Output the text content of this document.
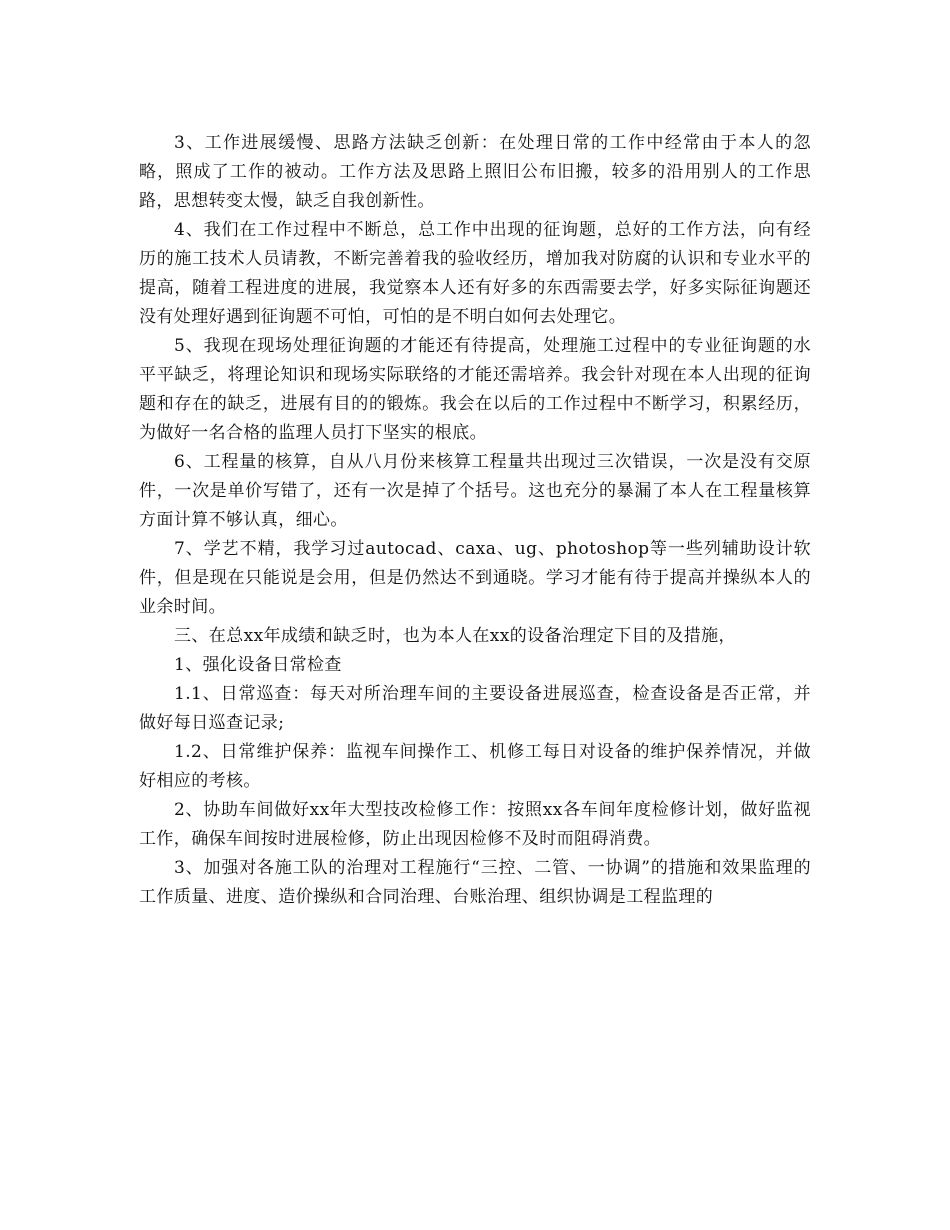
3、工作进展缓慢、思路方法缺乏创新：在处理日常的工作中经常由于本人的忽略，照成了工作的被动。工作方法及思路上照旧公布旧搬，较多的沿用别人的工作思路，思想转变太慢，缺乏自我创新性。

4、我们在工作过程中不断总，总工作中出现的征询题，总好的工作方法，向有经历的施工技术人员请教，不断完善着我的验收经历，增加我对防腐的认识和专业水平的提高，随着工程进度的进展，我觉察本人还有好多的东西需要去学，好多实际征询题还没有处理好遇到征询题不可怕，可怕的是不明白如何去处理它。

5、我现在现场处理征询题的才能还有待提高，处理施工过程中的专业征询题的水平平缺乏，将理论知识和现场实际联络的才能还需培养。我会针对现在本人出现的征询题和存在的缺乏，进展有目的的锻炼。我会在以后的工作过程中不断学习，积累经历，为做好一名合格的监理人员打下坚实的根底。

6、工程量的核算，自从八月份来核算工程量共出现过三次错误，一次是没有交原件，一次是单价写错了，还有一次是掉了个括号。这也充分的暴漏了本人在工程量核算方面计算不够认真，细心。

7、学艺不精，我学习过autocad、caxa、ug、photoshop等一些列辅助设计软件，但是现在只能说是会用，但是仍然达不到通晓。学习才能有待于提高并操纵本人的业余时间。

三、在总xx年成绩和缺乏时，也为本人在xx的设备治理定下目的及措施，

1、强化设备日常检查

1.1、日常巡查：每天对所治理车间的主要设备进展巡查，检查设备是否正常，并做好每日巡查记录;

1.2、日常维护保养：监视车间操作工、机修工每日对设备的维护保养情况，并做好相应的考核。

2、协助车间做好xx年大型技改检修工作：按照xx各车间年度检修计划，做好监视工作，确保车间按时进展检修，防止出现因检修不及时而阻碍消费。

3、加强对各施工队的治理对工程施行“三控、二管、一协调”的措施和效果监理的工作质量、进度、造价操纵和合同治理、台账治理、组织协调是工程监理的
